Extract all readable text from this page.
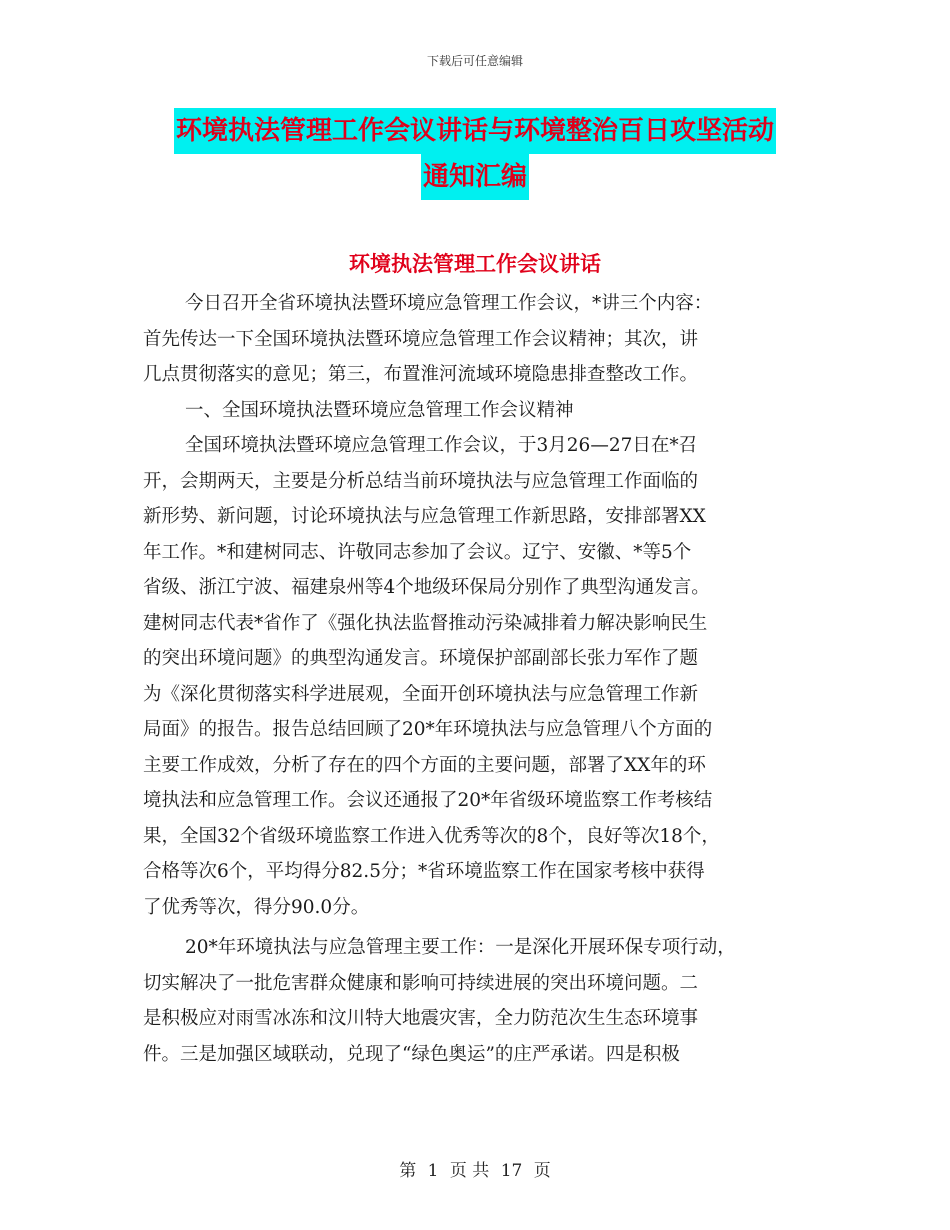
下载后可任意编辑
环境执法管理工作会议讲话与环境整治百日攻坚活动
通知汇编
环境执法管理工作会议讲话

今日召开全省环境执法暨环境应急管理工作会议，*讲三个内容：
首先传达一下全国环境执法暨环境应急管理工作会议精神；其次，讲
几点贯彻落实的意见；第三，布置淮河流域环境隐患排查整改工作。

一、全国环境执法暨环境应急管理工作会议精神

全国环境执法暨环境应急管理工作会议，于3月26—27日在*召
开，会期两天，主要是分析总结当前环境执法与应急管理工作面临的
新形势、新问题，讨论环境执法与应急管理工作新思路，安排部署XX
年工作。*和建树同志、许敬同志参加了会议。辽宁、安徽、*等5个
省级、浙江宁波、福建泉州等4个地级环保局分别作了典型沟通发言。
建树同志代表*省作了《强化执法监督推动污染减排着力解决影响民生
的突出环境问题》的典型沟通发言。环境保护部副部长张力军作了题
为《深化贯彻落实科学进展观，全面开创环境执法与应急管理工作新
局面》的报告。报告总结回顾了20*年环境执法与应急管理八个方面的
主要工作成效，分析了存在的四个方面的主要问题，部署了XX年的环
境执法和应急管理工作。会议还通报了20*年省级环境监察工作考核结
果，全国32个省级环境监察工作进入优秀等次的8个，良好等次18个，
合格等次6个，平均得分82.5分；*省环境监察工作在国家考核中获得
了优秀等次，得分90.0分。

20*年环境执法与应急管理主要工作：一是深化开展环保专项行动，
切实解决了一批危害群众健康和影响可持续进展的突出环境问题。二
是积极应对雨雪冰冻和汶川特大地震灾害，全力防范次生生态环境事
件。三是加强区域联动，兑现了“绿色奥运”的庄严承诺。四是积极

第 1 页 共 17 页
